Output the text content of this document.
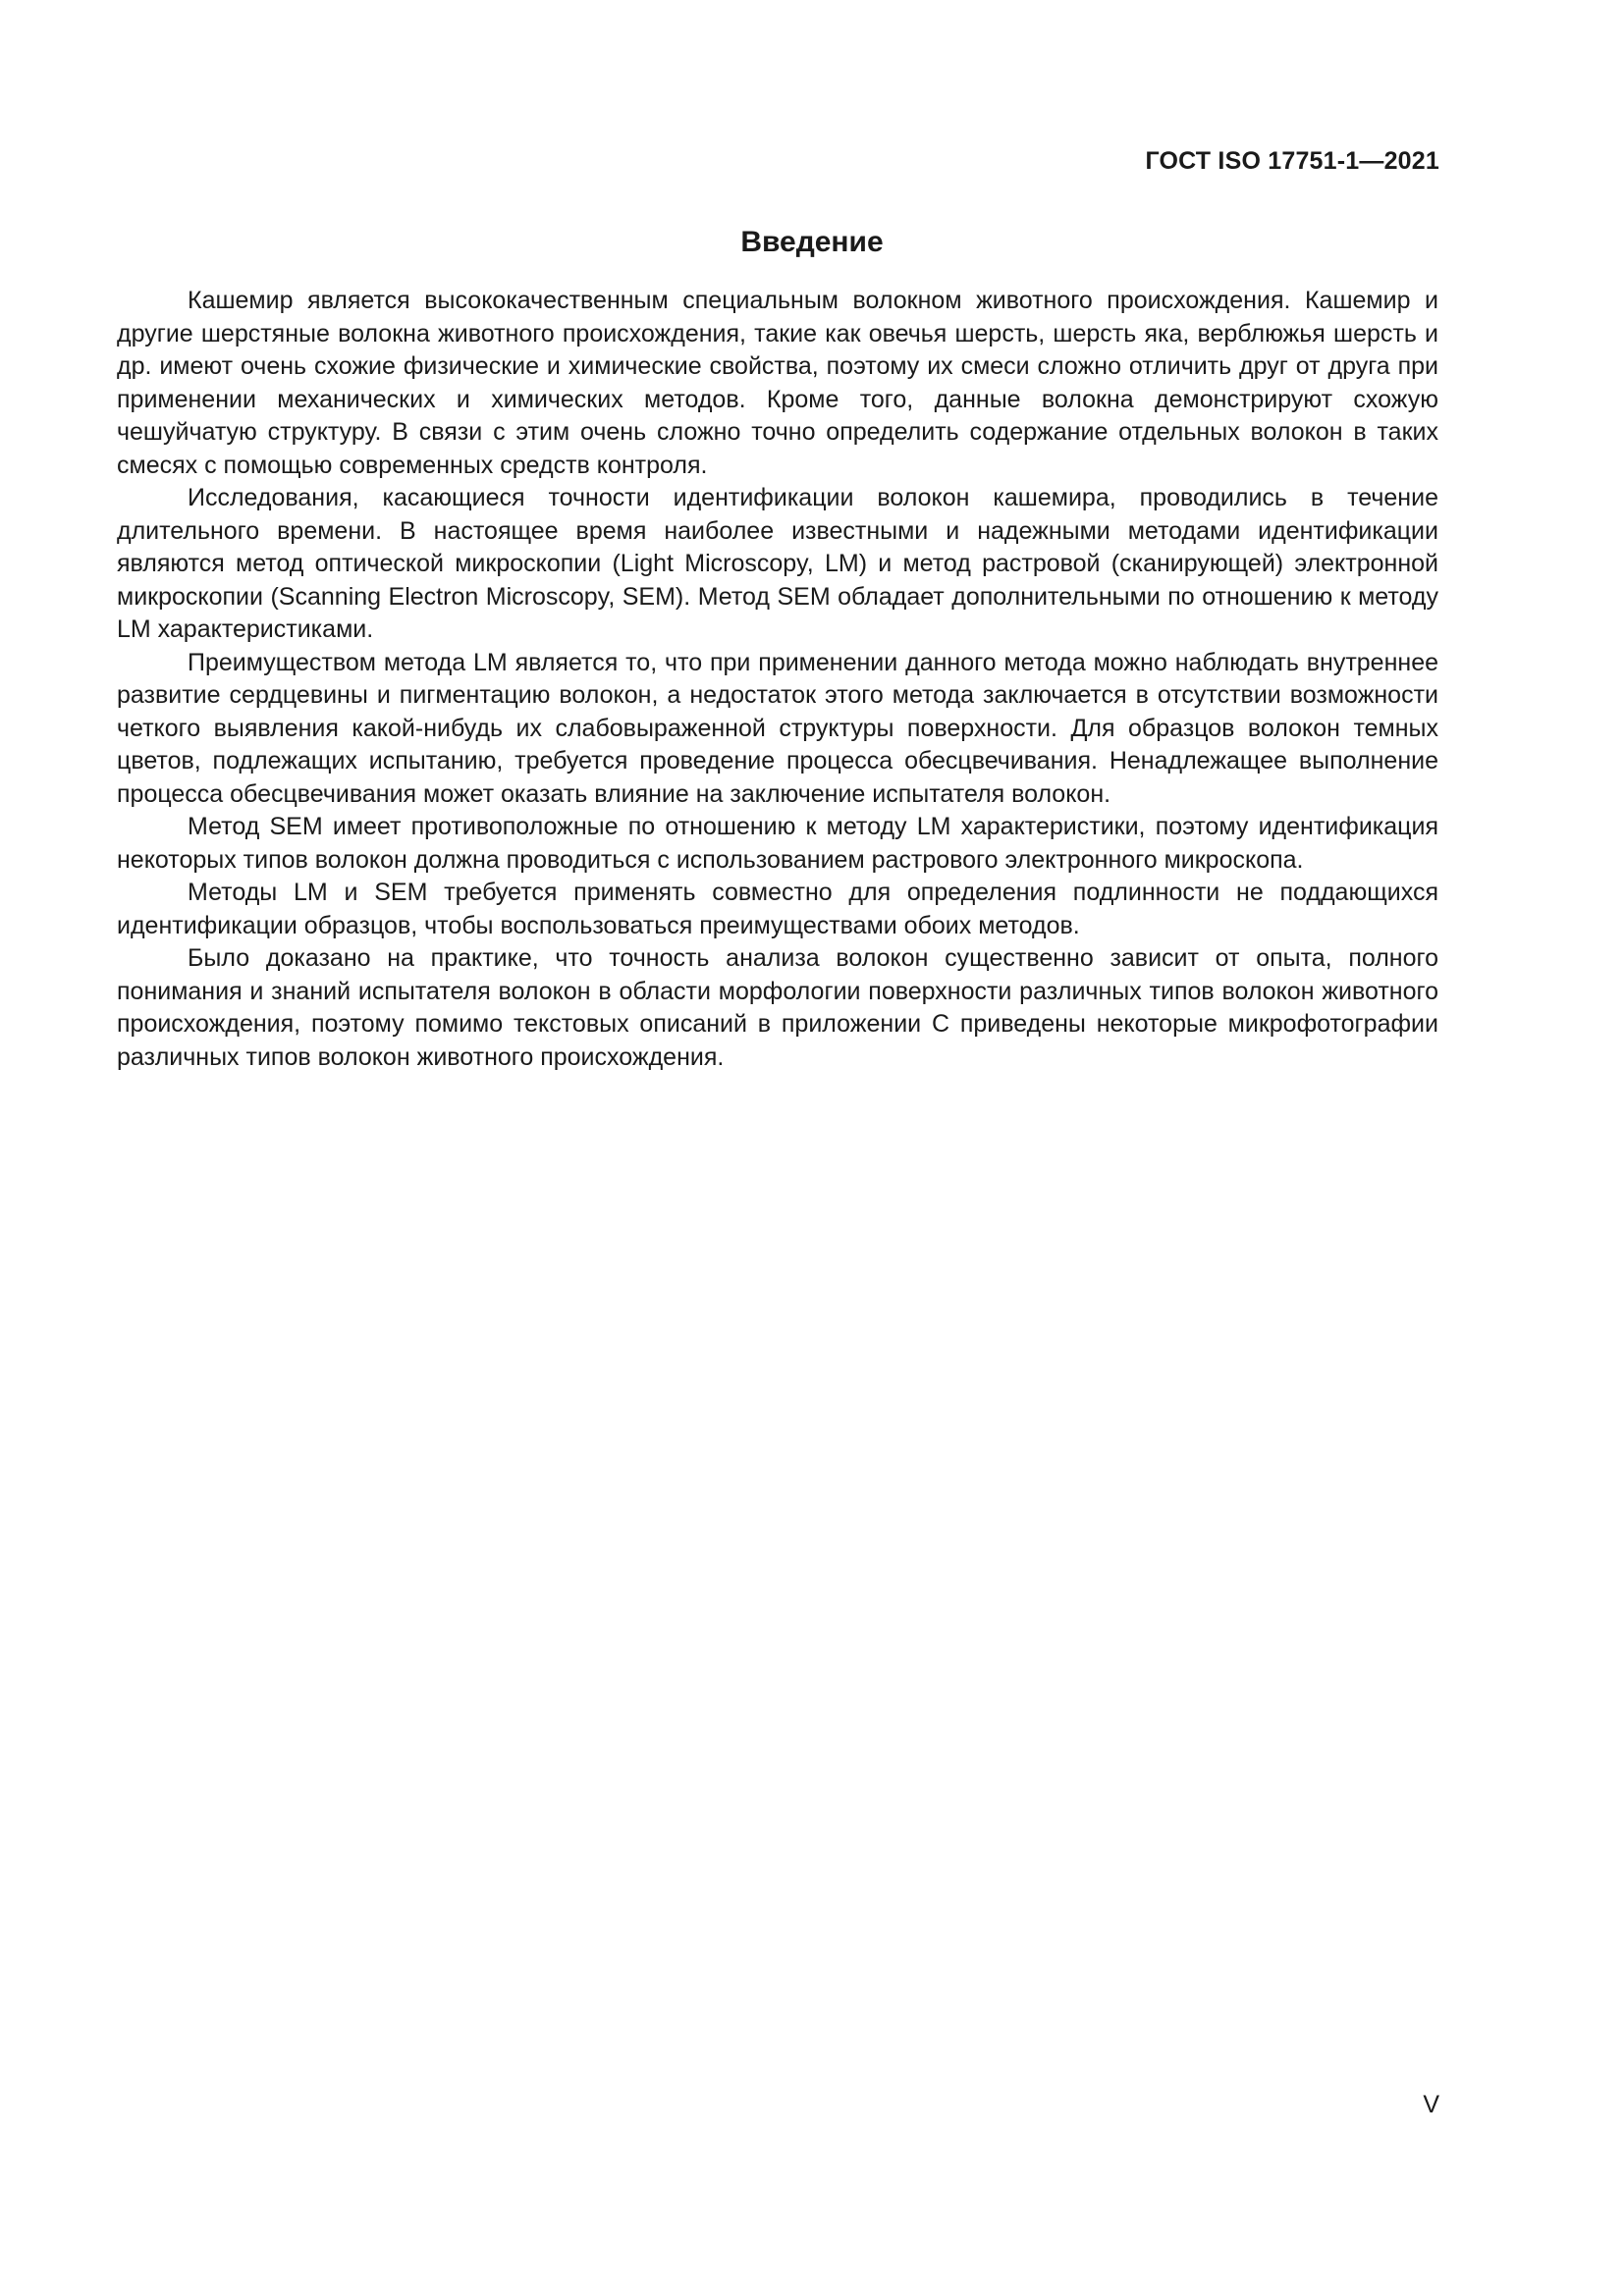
ГОСТ ISO 17751-1—2021
Введение

Кашемир является высококачественным специальным волокном животного происхождения. Кашемир и другие шерстяные волокна животного происхождения, такие как овечья шерсть, шерсть яка, верблюжья шерсть и др. имеют очень схожие физические и химические свойства, поэтому их смеси сложно отличить друг от друга при применении механических и химических методов. Кроме того, данные волокна демонстрируют схожую чешуйчатую структуру. В связи с этим очень сложно точно определить содержание отдельных волокон в таких смесях с помощью современных средств контроля.

Исследования, касающиеся точности идентификации волокон кашемира, проводились в течение длительного времени. В настоящее время наиболее известными и надежными методами идентификации являются метод оптической микроскопии (Light Microscopy, LM) и метод растровой (сканирующей) электронной микроскопии (Scanning Electron Microscopy, SEM). Метод SEM обладает дополнительными по отношению к методу LM характеристиками.

Преимуществом метода LM является то, что при применении данного метода можно наблюдать внутреннее развитие сердцевины и пигментацию волокон, а недостаток этого метода заключается в отсутствии возможности четкого выявления какой-нибудь их слабовыраженной структуры поверхности. Для образцов волокон темных цветов, подлежащих испытанию, требуется проведение процесса обесцвечивания. Ненадлежащее выполнение процесса обесцвечивания может оказать влияние на заключение испытателя волокон.

Метод SEM имеет противоположные по отношению к методу LM характеристики, поэтому идентификация некоторых типов волокон должна проводиться с использованием растрового электронного микроскопа.

Методы LM и SEM требуется применять совместно для определения подлинности не поддающихся идентификации образцов, чтобы воспользоваться преимуществами обоих методов.

Было доказано на практике, что точность анализа волокон существенно зависит от опыта, полного понимания и знаний испытателя волокон в области морфологии поверхности различных типов волокон животного происхождения, поэтому помимо текстовых описаний в приложении С приведены некоторые микрофотографии различных типов волокон животного происхождения.

V
